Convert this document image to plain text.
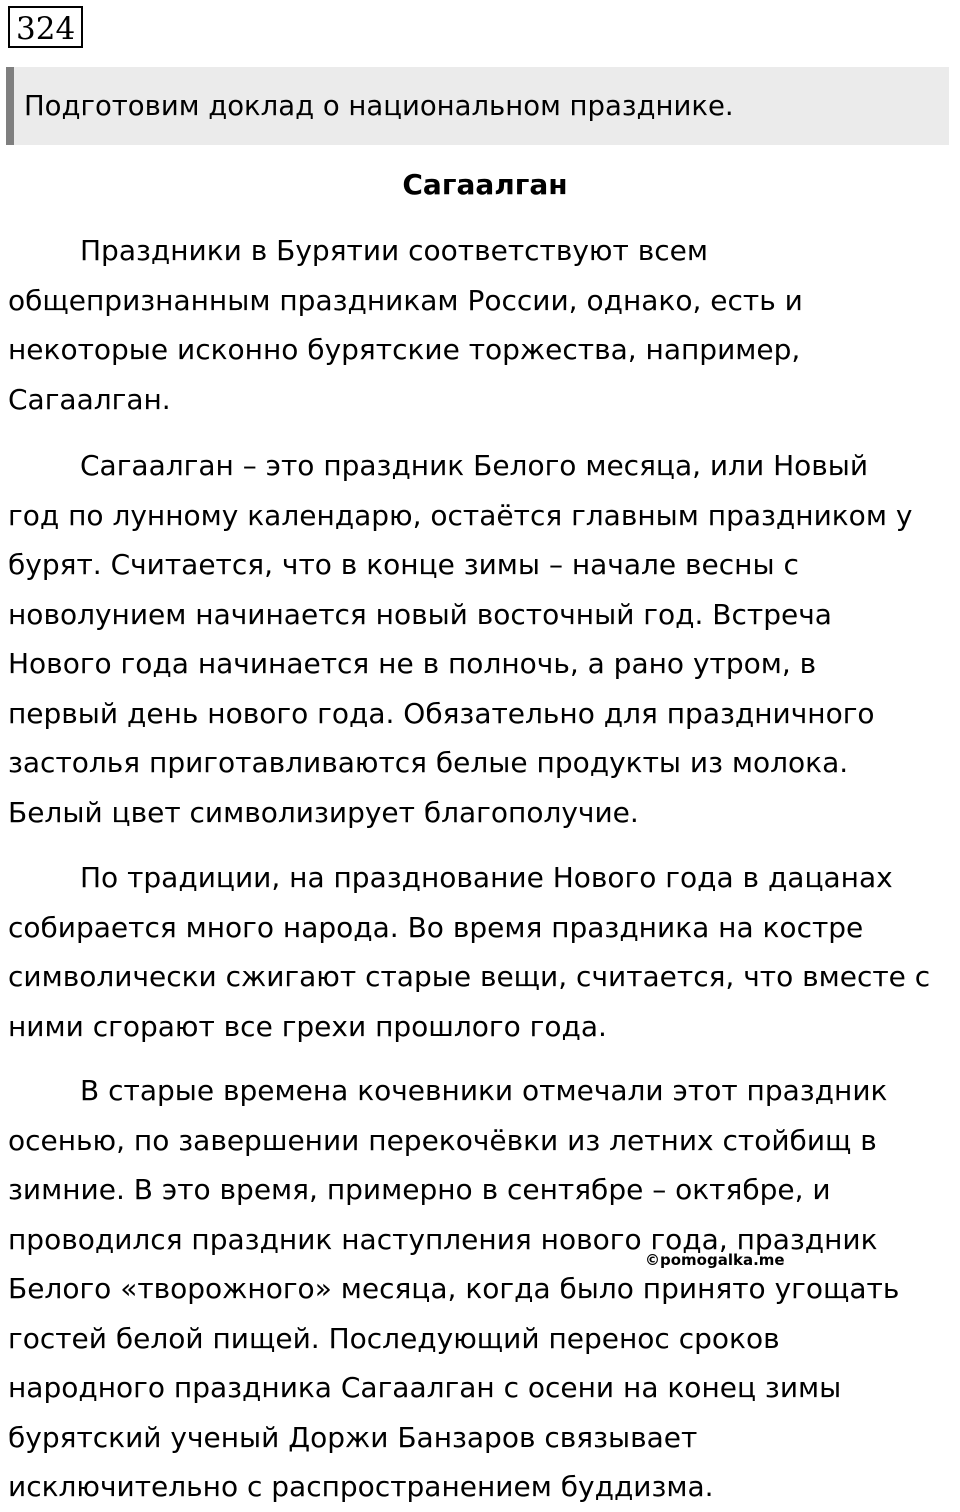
324
Подготовим доклад о национальном празднике.
Сагаалган
Праздники в Бурятии соответствуют всем
общепризнанным праздникам России, однако, есть и
некоторые исконно бурятские торжества, например,
Сагаалган.
Сагаалган – это праздник Белого месяца, или Новый
год по лунному календарю, остаётся главным праздником у
бурят. Считается, что в конце зимы – начале весны с
новолунием начинается новый восточный год. Встреча
Нового года начинается не в полночь, а рано утром, в
первый день нового года. Обязательно для праздничного
застолья приготавливаются белые продукты из молока.
Белый цвет символизирует благополучие.
По традиции, на празднование Нового года в дацанах
собирается много народа. Во время праздника на костре
символически сжигают старые вещи, считается, что вместе с
ними сгорают все грехи прошлого года.
В старые времена кочевники отмечали этот праздник
осенью, по завершении перекочёвки из летних стойбищ в
зимние. В это время, примерно в сентябре – октябре, и
проводился праздник наступления нового года, праздник
Белого «творожного» месяца, когда было принято угощать
гостей белой пищей. Последующий перенос сроков
народного праздника Сагаалган с осени на конец зимы
бурятский ученый Доржи Банзаров связывает
исключительно с распространением буддизма.
©pomogalka.me
